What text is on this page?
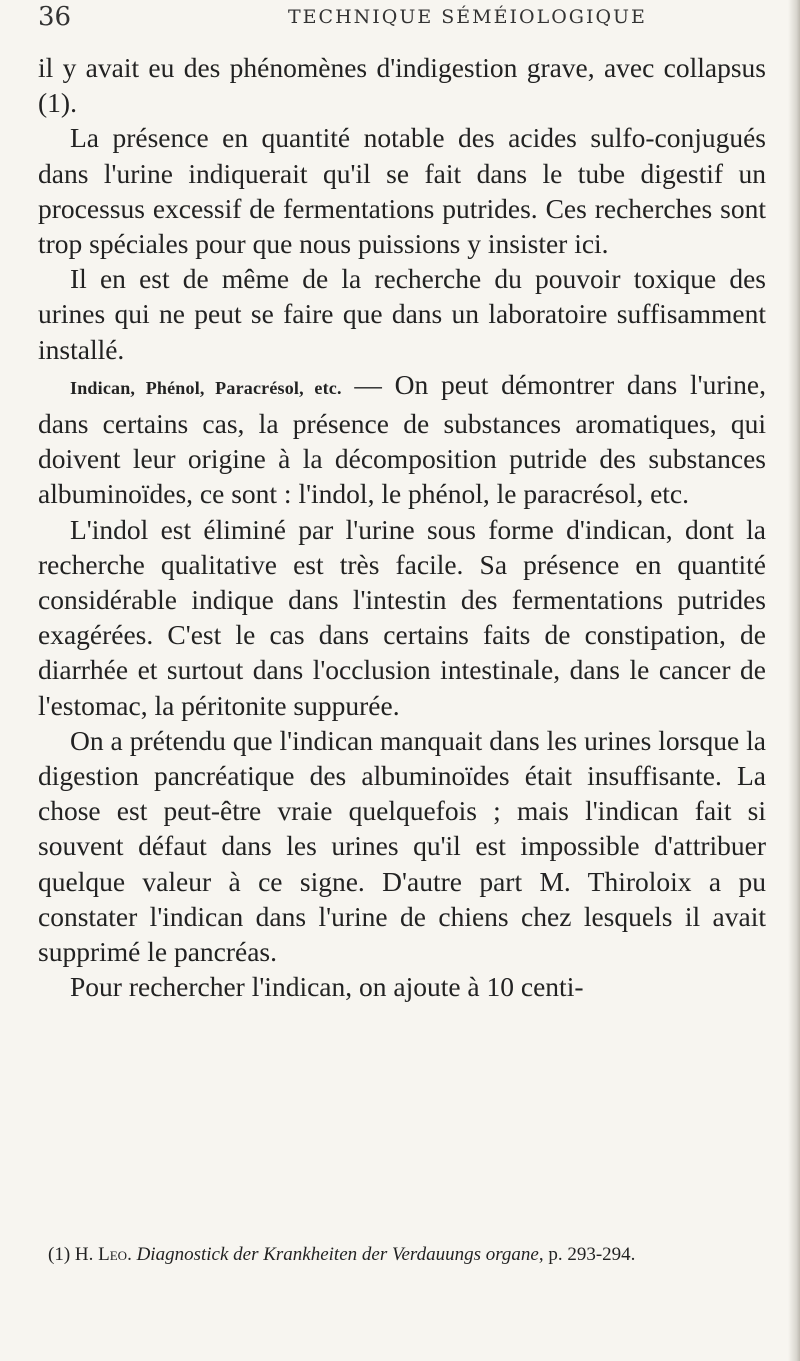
36	TECHNIQUE SÉMÉIOLOGIQUE

il y avait eu des phénomènes d'indigestion grave, avec collapsus (1).

La présence en quantité notable des acides sulfo-conjugués dans l'urine indiquerait qu'il se fait dans le tube digestif un processus excessif de fermentations putrides. Ces recherches sont trop spéciales pour que nous puissions y insister ici.

Il en est de même de la recherche du pouvoir toxique des urines qui ne peut se faire que dans un laboratoire suffisamment installé.

Indican, Phénol, Paracrésol, etc. — On peut démontrer dans l'urine, dans certains cas, la présence de substances aromatiques, qui doivent leur origine à la décomposition putride des substances albuminoïdes, ce sont : l'indol, le phénol, le paracrésol, etc.

L'indol est éliminé par l'urine sous forme d'indican, dont la recherche qualitative est très facile. Sa présence en quantité considérable indique dans l'intestin des fermentations putrides exagérées. C'est le cas dans certains faits de constipation, de diarrhée et surtout dans l'occlusion intestinale, dans le cancer de l'estomac, la péritonite suppurée.

On a prétendu que l'indican manquait dans les urines lorsque la digestion pancréatique des albuminoïdes était insuffisante. La chose est peut-être vraie quelquefois ; mais l'indican fait si souvent défaut dans les urines qu'il est impossible d'attribuer quelque valeur à ce signe. D'autre part M. Thiroloix a pu constater l'indican dans l'urine de chiens chez lesquels il avait supprimé le pancréas.

Pour rechercher l'indican, on ajoute à 10 centi-

(1) H. Leo. Diagnostick der Krankheiten der Verdauungs organe, p. 293-294.
